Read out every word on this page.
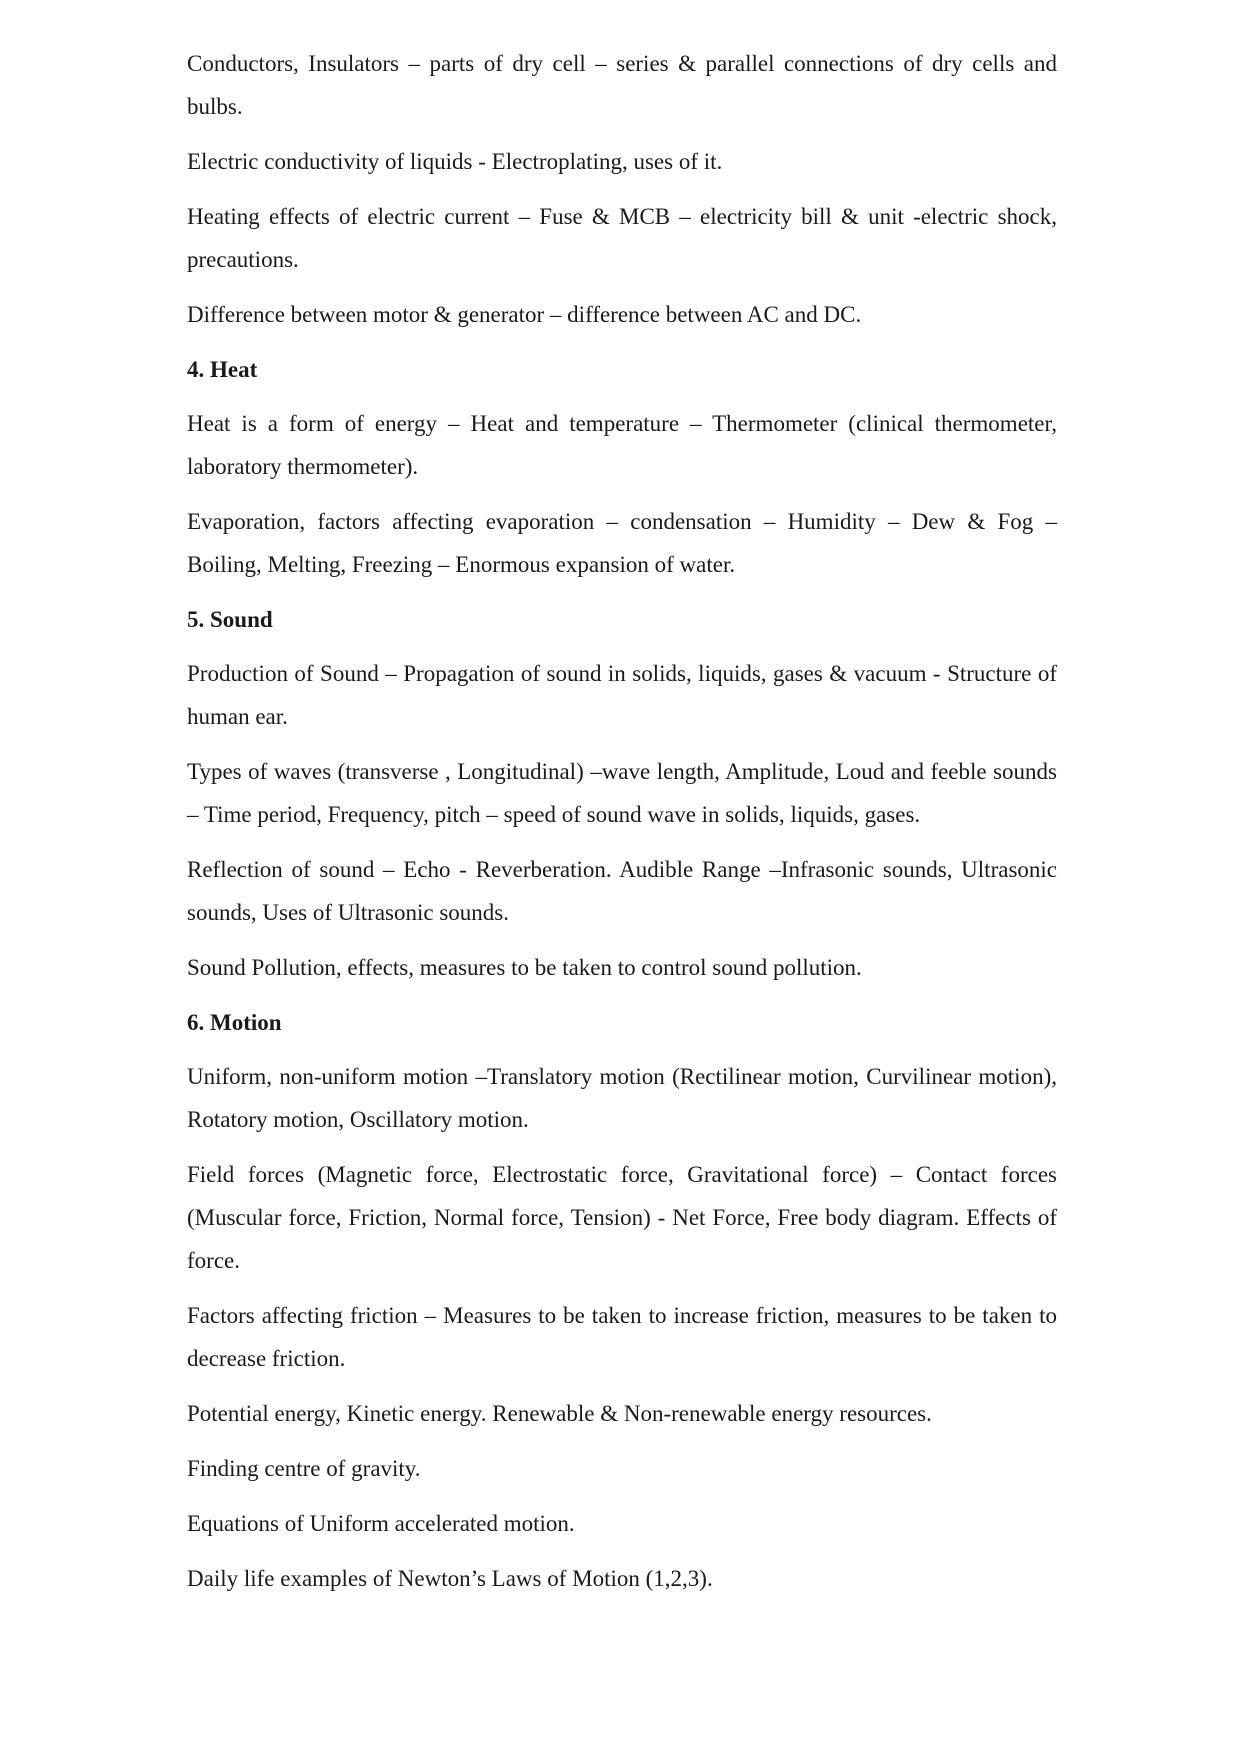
Conductors, Insulators – parts of dry cell – series & parallel connections of dry cells and bulbs.

Electric conductivity of liquids - Electroplating, uses of it.

Heating effects of electric current – Fuse & MCB – electricity bill & unit -electric shock, precautions.

Difference between motor & generator – difference between AC and DC.

4. Heat

Heat is a form of energy – Heat and temperature – Thermometer (clinical thermometer, laboratory thermometer).

Evaporation, factors affecting evaporation – condensation – Humidity – Dew & Fog – Boiling, Melting, Freezing – Enormous expansion of water.

5. Sound

Production of Sound – Propagation of sound in solids, liquids, gases & vacuum - Structure of human ear.

Types of waves (transverse , Longitudinal) –wave length, Amplitude, Loud and feeble sounds – Time period, Frequency, pitch – speed of sound wave in solids, liquids, gases.

Reflection of sound – Echo - Reverberation. Audible Range –Infrasonic sounds, Ultrasonic sounds, Uses of Ultrasonic sounds.

Sound Pollution, effects, measures to be taken to control sound pollution.

6. Motion

Uniform, non-uniform motion –Translatory motion (Rectilinear motion, Curvilinear motion), Rotatory motion, Oscillatory motion.

Field forces (Magnetic force, Electrostatic force, Gravitational force) – Contact forces (Muscular force, Friction, Normal force, Tension) - Net Force, Free body diagram. Effects of force.

Factors affecting friction – Measures to be taken to increase friction, measures to be taken to decrease friction.

Potential energy, Kinetic energy. Renewable & Non-renewable energy resources.

Finding centre of gravity.

Equations of Uniform accelerated motion.

Daily life examples of Newton’s Laws of Motion (1,2,3).
